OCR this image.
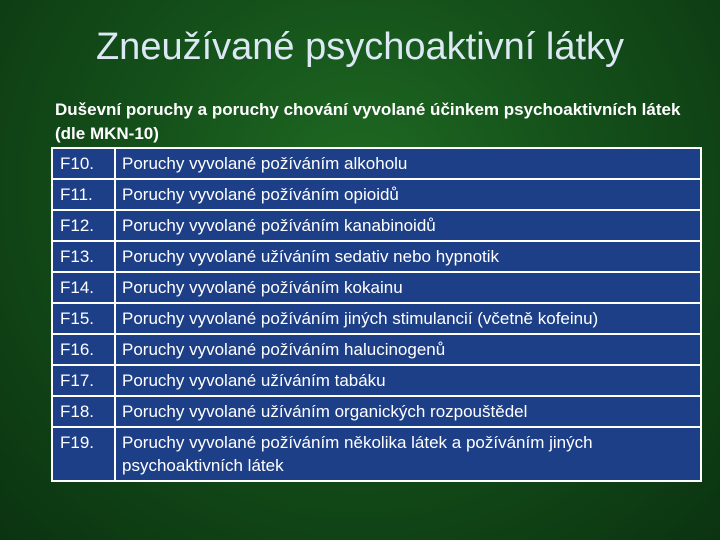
Zneužívané psychoaktivní látky
Duševní poruchy a poruchy chování vyvolané účinkem psychoaktivních látek (dle MKN-10)
F10.	Poruchy vyvolané požíváním alkoholu
F11.	Poruchy vyvolané požíváním opioidů
F12.	Poruchy vyvolané požíváním kanabinoidů
F13.	Poruchy vyvolané užíváním sedativ nebo hypnotik
F14.	Poruchy vyvolané požíváním kokainu
F15.	Poruchy vyvolané požíváním jiných stimulancií (včetně kofeinu)
F16.	Poruchy vyvolané požíváním halucinogenů
F17.	Poruchy vyvolané užíváním tabáku
F18.	Poruchy vyvolané užíváním organických rozpouštědel
F19.	Poruchy vyvolané požíváním několika látek a požíváním jiných psychoaktivních látek
